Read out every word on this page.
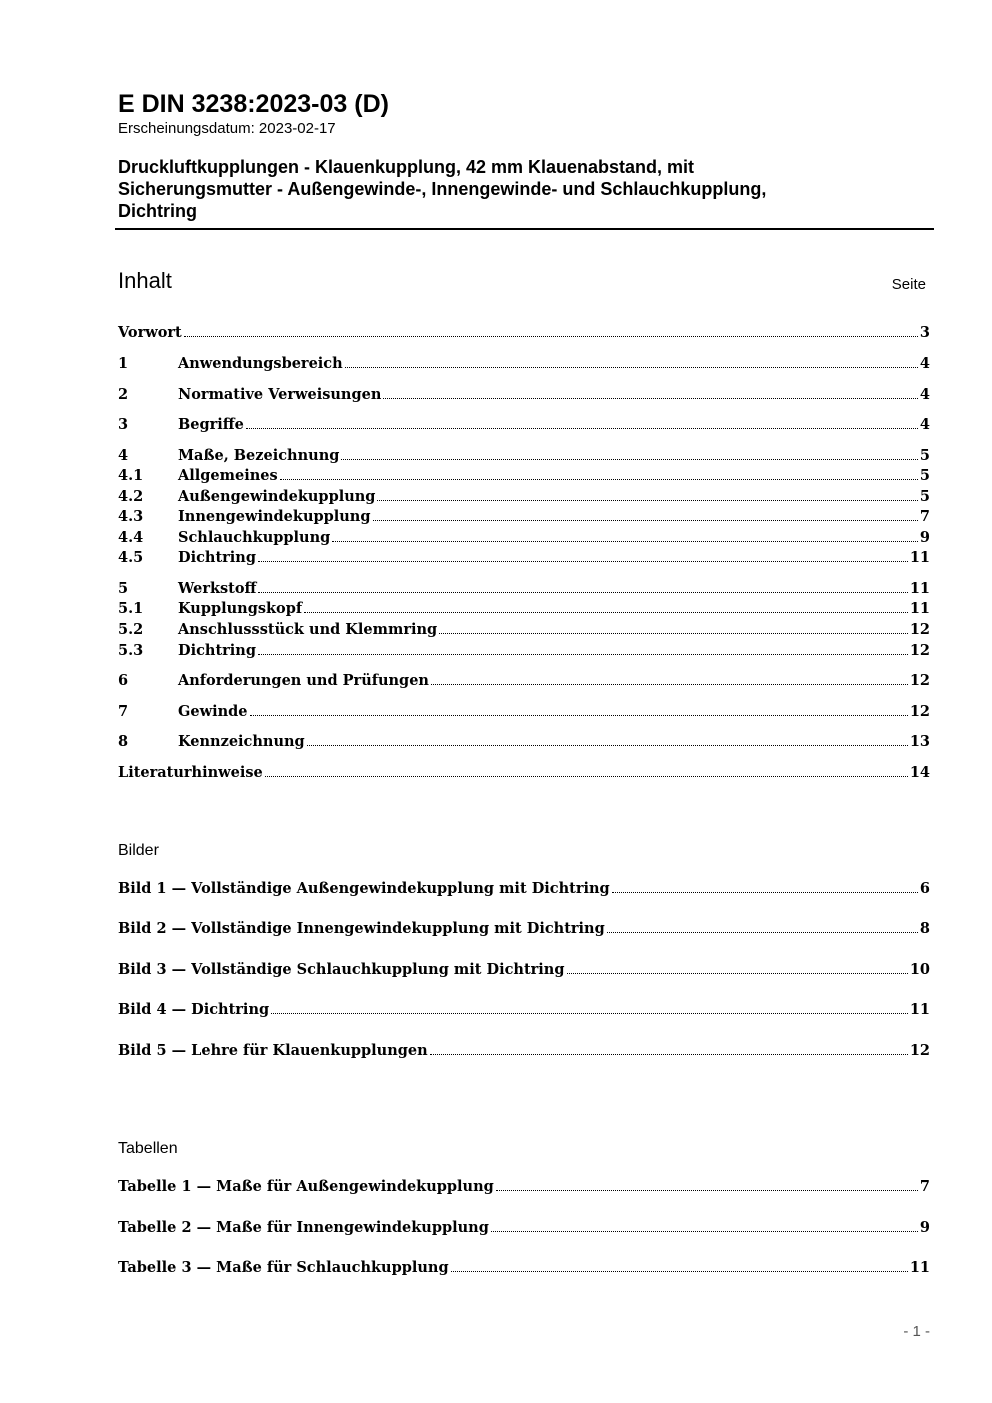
E DIN 3238:2023-03 (D)
Erscheinungsdatum: 2023-02-17
Druckluftkupplungen - Klauenkupplung, 42 mm Klauenabstand, mit
Sicherungsmutter - Außengewinde-, Innengewinde- und Schlauchkupplung,
Dichtring
Inhalt	Seite
Vorwort	3
1	Anwendungsbereich	4
2	Normative Verweisungen	4
3	Begriffe	4
4	Maße, Bezeichnung	5
4.1	Allgemeines	5
4.2	Außengewindekupplung	5
4.3	Innengewindekupplung	7
4.4	Schlauchkupplung	9
4.5	Dichtring	11
5	Werkstoff	11
5.1	Kupplungskopf	11
5.2	Anschlussstück und Klemmring	12
5.3	Dichtring	12
6	Anforderungen und Prüfungen	12
7	Gewinde	12
8	Kennzeichnung	13
Literaturhinweise	14
Bilder
Bild 1 — Vollständige Außengewindekupplung mit Dichtring	6
Bild 2 — Vollständige Innengewindekupplung mit Dichtring	8
Bild 3 — Vollständige Schlauchkupplung mit Dichtring	10
Bild 4 — Dichtring	11
Bild 5 — Lehre für Klauenkupplungen	12
Tabellen
Tabelle 1 — Maße für Außengewindekupplung	7
Tabelle 2 — Maße für Innengewindekupplung	9
Tabelle 3 — Maße für Schlauchkupplung	11
- 1 -
